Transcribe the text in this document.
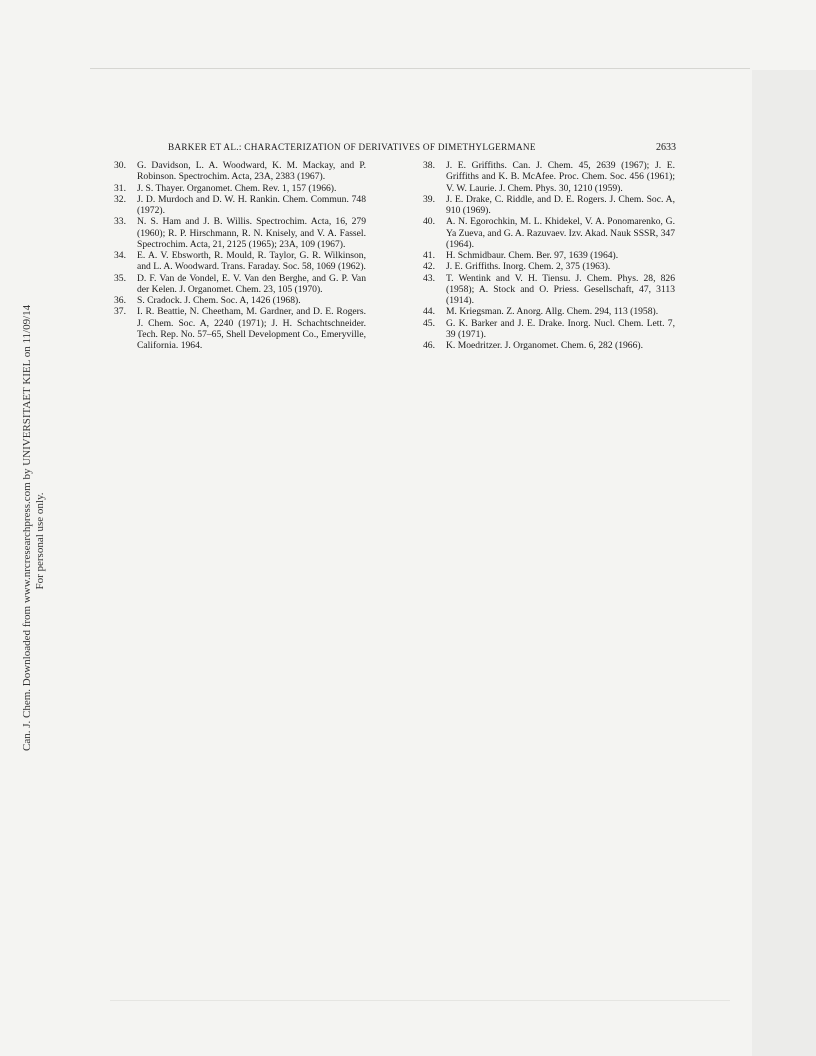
BARKER ET AL.: CHARACTERIZATION OF DERIVATIVES OF DIMETHYLGERMANE	2633
30. G. Davidson, L. A. Woodward, K. M. Mackay, and P. Robinson. Spectrochim. Acta, 23A, 2383 (1967).
31. J. S. Thayer. Organomet. Chem. Rev. 1, 157 (1966).
32. J. D. Murdoch and D. W. H. Rankin. Chem. Commun. 748 (1972).
33. N. S. Ham and J. B. Willis. Spectrochim. Acta, 16, 279 (1960); R. P. Hirschmann, R. N. Knisely, and V. A. Fassel. Spectrochim. Acta, 21, 2125 (1965); 23A, 109 (1967).
34. E. A. V. Ebsworth, R. Mould, R. Taylor, G. R. Wilkinson, and L. A. Woodward. Trans. Faraday. Soc. 58, 1069 (1962).
35. D. F. Van de Vondel, E. V. Van den Berghe, and G. P. Van der Kelen. J. Organomet. Chem. 23, 105 (1970).
36. S. Cradock. J. Chem. Soc. A, 1426 (1968).
37. I. R. Beattie, N. Cheetham, M. Gardner, and D. E. Rogers. J. Chem. Soc. A, 2240 (1971); J. H. Schachtschneider. Tech. Rep. No. 57–65, Shell Development Co., Emeryville, California. 1964.
38. J. E. Griffiths. Can. J. Chem. 45, 2639 (1967); J. E. Griffiths and K. B. McAfee. Proc. Chem. Soc. 456 (1961); V. W. Laurie. J. Chem. Phys. 30, 1210 (1959).
39. J. E. Drake, C. Riddle, and D. E. Rogers. J. Chem. Soc. A, 910 (1969).
40. A. N. Egorochkin, M. L. Khidekel, V. A. Ponomarenko, G. Ya Zueva, and G. A. Razuvaev. Izv. Akad. Nauk SSSR, 347 (1964).
41. H. Schmidbaur. Chem. Ber. 97, 1639 (1964).
42. J. E. Griffiths. Inorg. Chem. 2, 375 (1963).
43. T. Wentink and V. H. Tiensu. J. Chem. Phys. 28, 826 (1958); A. Stock and O. Priess. Gesellschaft, 47, 3113 (1914).
44. M. Kriegsman. Z. Anorg. Allg. Chem. 294, 113 (1958).
45. G. K. Barker and J. E. Drake. Inorg. Nucl. Chem. Lett. 7, 39 (1971).
46. K. Moedritzer. J. Organomet. Chem. 6, 282 (1966).
Can. J. Chem. Downloaded from www.nrcresearchpress.com by UNIVERSITAET KIEL on 11/09/14 For personal use only.
